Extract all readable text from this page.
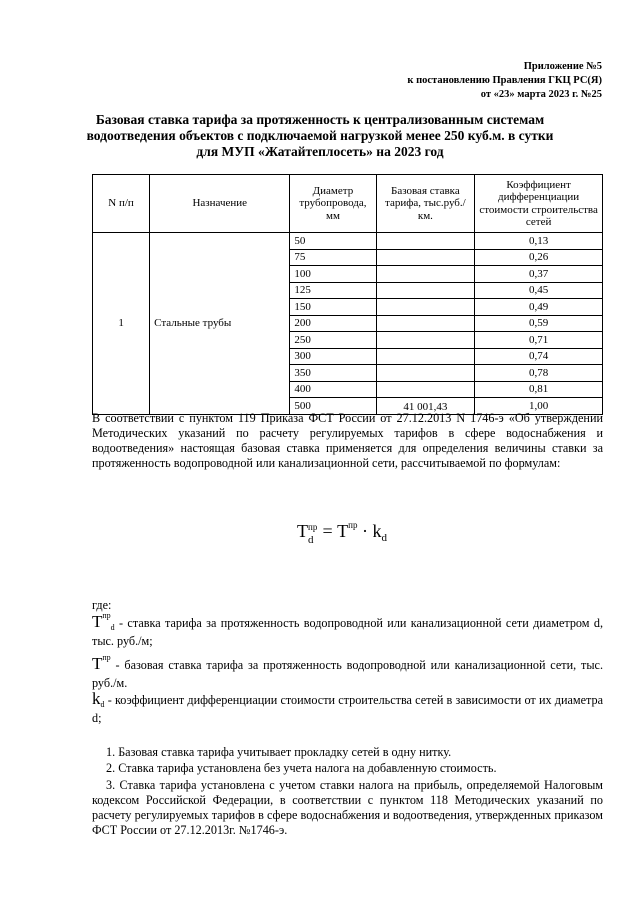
Приложение №5
к постановлению Правления ГКЦ РС(Я)
от «23» марта 2023 г. №25
Базовая ставка тарифа за протяженность к централизованным системам
водоотведения объектов с подключаемой нагрузкой менее 250 куб.м. в сутки
для МУП «Жатайтеплосеть» на 2023 год
N п/п	Назначение	Диаметр трубопровода, мм	Базовая ставка тарифа, тыс.руб./км.	Коэффициент дифференциации стоимости строительства сетей
1	Стальные трубы	50		0,13
		75		0,26
		100		0,37
		125		0,45
		150		0,49
		200		0,59
		250		0,71
		300		0,74
		350		0,78
		400		0,81
		500	41 001,43	1,00
В соответствии с пунктом 119 Приказа ФСТ России от 27.12.2013 N 1746-э «Об утверждении Методических указаний по расчету регулируемых тарифов в сфере водоснабжения и водоотведения» настоящая базовая ставка применяется для определения величины ставки за протяженность водопроводной или канализационной сети, рассчитываемой по формулам:
Т пр
$d = Т^{пр} \cdot k_d$
где:
$Т^{пр}d$ - ставка тарифа за протяженность водопроводной или канализационной сети диаметром d, тыс. руб./м;
$Т^{пр}$ - базовая ставка тарифа за протяженность водопроводной или канализационной сети, тыс. руб./м.
kd - коэффициент дифференциации стоимости строительства сетей в зависимости от их диаметра d;
1. Базовая ставка тарифа учитывает прокладку сетей в одну нитку.
2. Ставка тарифа установлена без учета налога на добавленную стоимость.
3. Ставка тарифа установлена с учетом ставки налога на прибыль, определяемой Налоговым кодексом Российской Федерации, в соответствии с пунктом 118 Методических указаний по расчету регулируемых тарифов в сфере водоснабжения и водоотведения, утвержденных приказом ФСТ России от 27.12.2013г. №1746-э.
